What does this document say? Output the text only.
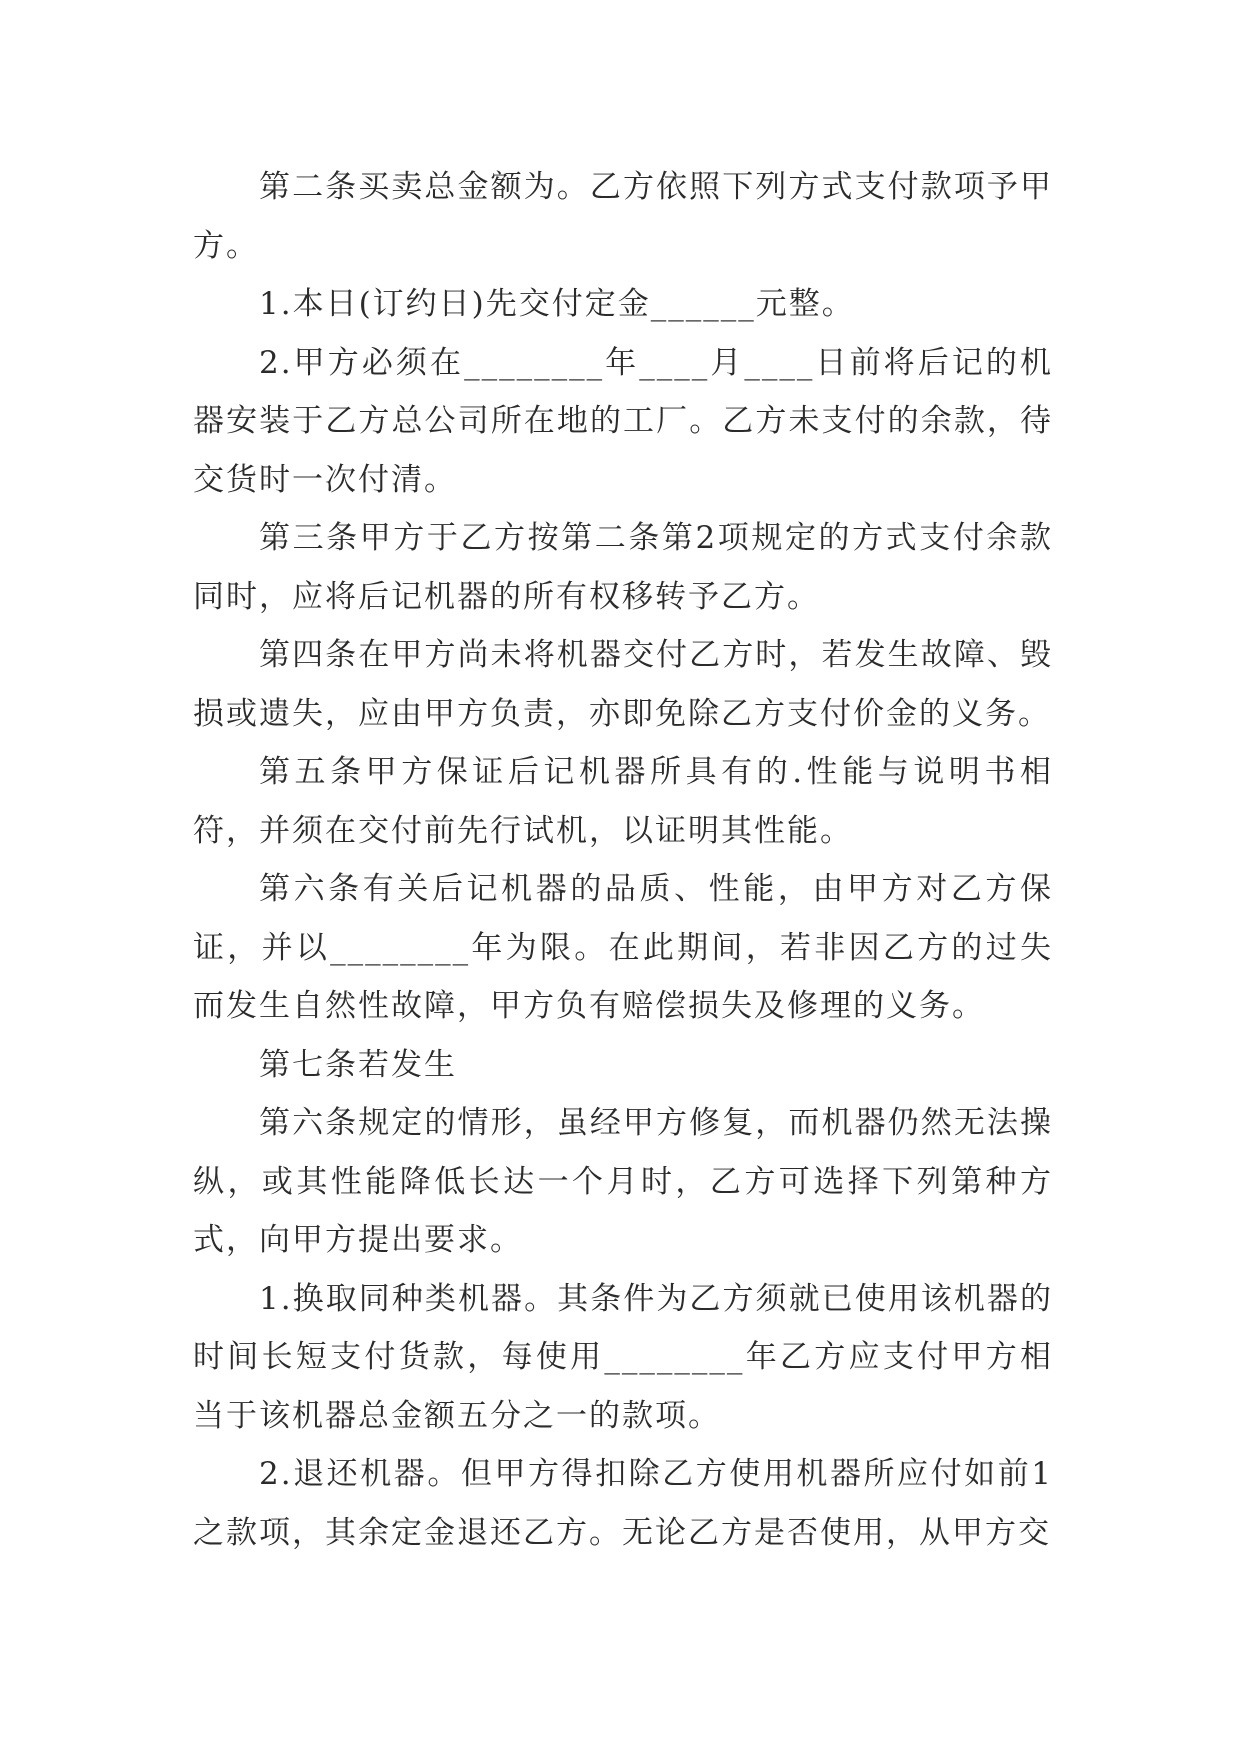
第二条买卖总金额为。乙方依照下列方式支付款项予甲方。

1.本日(订约日)先交付定金______元整。

2.甲方必须在________年____月____日前将后记的机器安装于乙方总公司所在地的工厂。乙方未支付的余款，待交货时一次付清。

第三条甲方于乙方按第二条第2项规定的方式支付余款同时，应将后记机器的所有权移转予乙方。

第四条在甲方尚未将机器交付乙方时，若发生故障、毁损或遗失，应由甲方负责，亦即免除乙方支付价金的义务。

第五条甲方保证后记机器所具有的.性能与说明书相符，并须在交付前先行试机，以证明其性能。

第六条有关后记机器的品质、性能，由甲方对乙方保证，并以________年为限。在此期间，若非因乙方的过失而发生自然性故障，甲方负有赔偿损失及修理的义务。

第七条若发生

第六条规定的情形，虽经甲方修复，而机器仍然无法操纵，或其性能降低长达一个月时，乙方可选择下列第种方式，向甲方提出要求。

1.换取同种类机器。其条件为乙方须就已使用该机器的时间长短支付货款，每使用________年乙方应支付甲方相当于该机器总金额五分之一的款项。

2.退还机器。但甲方得扣除乙方使用机器所应付如前1之款项，其余定金退还乙方。无论乙方是否使用，从甲方交
